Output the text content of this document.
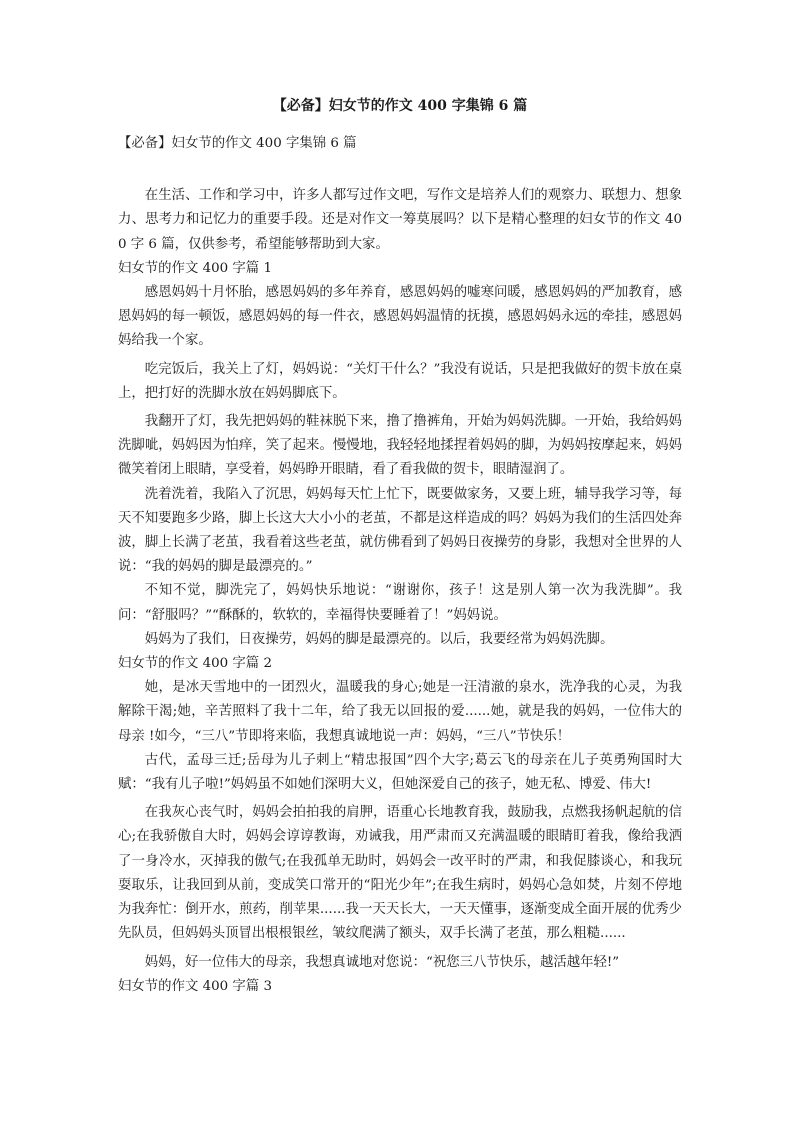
【必备】妇女节的作文 400 字集锦 6 篇

【必备】妇女节的作文 400 字集锦 6 篇

在生活、工作和学习中，许多人都写过作文吧，写作文是培养人们的观察力、联想力、想象力、思考力和记忆力的重要手段。还是对作文一筹莫展吗？以下是精心整理的妇女节的作文 400 字 6 篇，仅供参考，希望能够帮助到大家。

妇女节的作文 400 字篇 1

感恩妈妈十月怀胎，感恩妈妈的多年养育，感恩妈妈的嘘寒问暖，感恩妈妈的严加教育，感恩妈妈的每一顿饭，感恩妈妈的每一件衣，感恩妈妈温情的抚摸，感恩妈妈永远的牵挂，感恩妈妈给我一个家。

吃完饭后，我关上了灯，妈妈说：“关灯干什么？”我没有说话，只是把我做好的贺卡放在桌上，把打好的洗脚水放在妈妈脚底下。

我翻开了灯，我先把妈妈的鞋袜脱下来，撸了撸裤角，开始为妈妈洗脚。一开始，我给妈妈洗脚呲，妈妈因为怕痒，笑了起来。慢慢地，我轻轻地揉捏着妈妈的脚，为妈妈按摩起来，妈妈微笑着闭上眼睛，享受着，妈妈睁开眼睛，看了看我做的贺卡，眼睛湿润了。

洗着洗着，我陷入了沉思，妈妈每天忙上忙下，既要做家务，又要上班，辅导我学习等，每天不知要跑多少路，脚上长这大大小小的老茧，不都是这样造成的吗？妈妈为我们的生活四处奔波，脚上长满了老茧，我看着这些老茧，就仿佛看到了妈妈日夜操劳的身影，我想对全世界的人说：“我的妈妈的脚是最漂亮的。”

不知不觉，脚洗完了，妈妈快乐地说：“谢谢你，孩子！这是别人第一次为我洗脚”。我问：“舒服吗？”“酥酥的，软软的，幸福得快要睡着了！”妈妈说。

妈妈为了我们，日夜操劳，妈妈的脚是最漂亮的。以后，我要经常为妈妈洗脚。

妇女节的作文 400 字篇 2

她，是冰天雪地中的一团烈火，温暖我的身心;她是一汪清澈的泉水，洗净我的心灵，为我解除干渴;她，辛苦照料了我十二年，给了我无以回报的爱......她，就是我的妈妈，一位伟大的母亲 !如今，“三八”节即将来临，我想真诚地说一声：妈妈，“三八”节快乐！

古代，孟母三迁;岳母为儿子刺上“精忠报国”四个大字;葛云飞的母亲在儿子英勇殉国时大赋：“我有儿子啦!”妈妈虽不如她们深明大义，但她深爱自己的孩子，她无私、博爱、伟大!

在我灰心丧气时，妈妈会拍拍我的肩胛，语重心长地教育我，鼓励我，点燃我扬帆起航的信心;在我骄傲自大时，妈妈会谆谆教诲，劝诫我，用严肃而又充满温暖的眼睛盯着我，像给我洒了一身冷水，灭掉我的傲气;在我孤单无助时，妈妈会一改平时的严肃，和我促膝谈心，和我玩耍取乐，让我回到从前，变成笑口常开的“阳光少年”;在我生病时，妈妈心急如焚，片刻不停地为我奔忙：倒开水，煎药，削苹果......我一天天长大，一天天懂事，逐渐变成全面开展的优秀少先队员，但妈妈头顶冒出根根银丝，皱纹爬满了额头，双手长满了老茧，那么粗糙......

妈妈，好一位伟大的母亲，我想真诚地对您说：“祝您三八节快乐，越活越年轻!”

妇女节的作文 400 字篇 3
